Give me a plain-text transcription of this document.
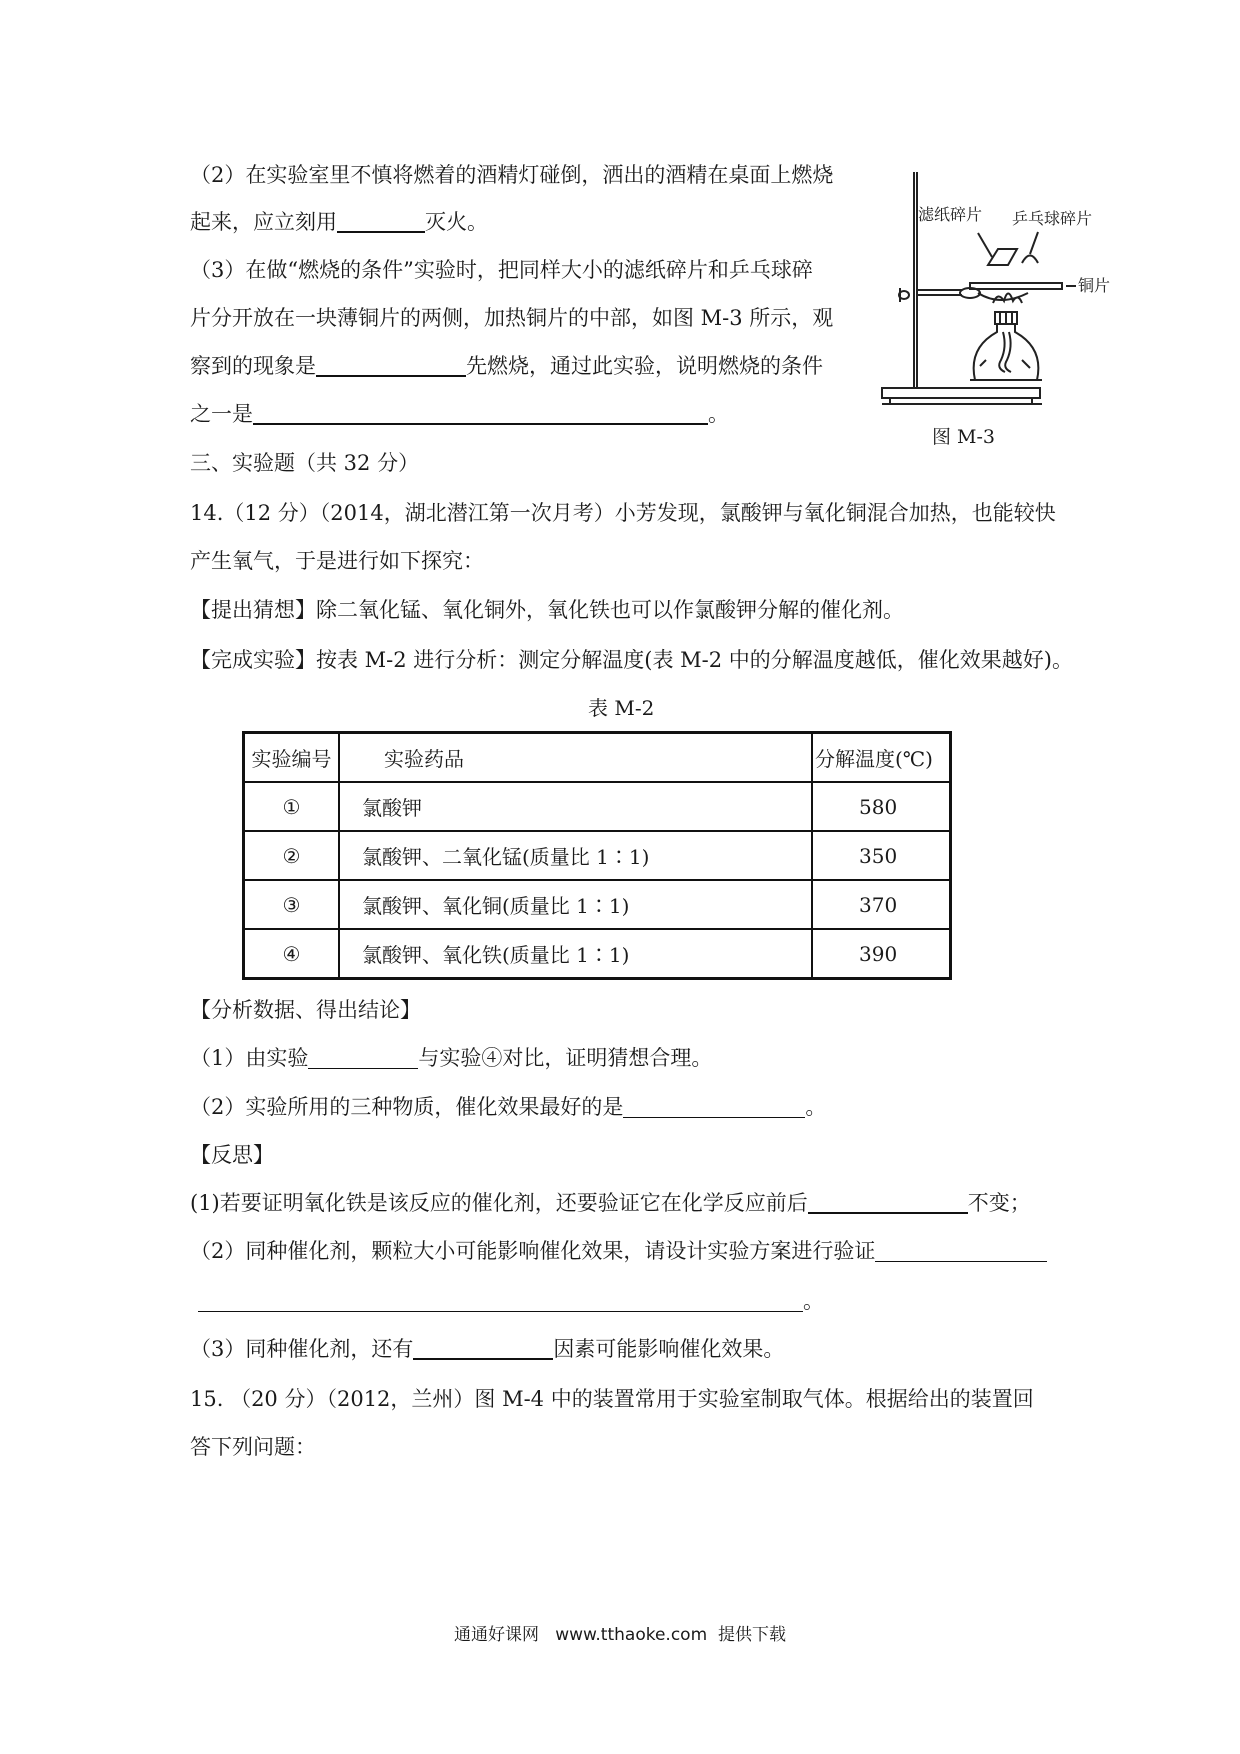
（2）在实验室里不慎将燃着的酒精灯碰倒，洒出的酒精在桌面上燃烧
起来，应立刻用	灭火。
（3）在做“燃烧的条件”实验时，把同样大小的滤纸碎片和乒乓球碎
片分开放在一块薄铜片的两侧，加热铜片的中部，如图 M-3 所示，观
察到的现象是	先燃烧，通过此实验，说明燃烧的条件
之一是	。
滤纸碎片 乒乓球碎片
铜片
图 M-3
三、实验题（共 32 分）
14.（12 分）（2014，湖北潜江第一次月考）小芳发现，氯酸钾与氧化铜混合加热，也能较快
产生氧气，于是进行如下探究：
【提出猜想】除二氧化锰、氧化铜外，氧化铁也可以作氯酸钾分解的催化剂。
【完成实验】按表 M-2 进行分析：测定分解温度(表 M-2 中的分解温度越低，催化效果越好)。
表 M-2
实验编号	实验药品	分解温度(℃)
①	氯酸钾	580
②	氯酸钾、二氧化锰(质量比 1∶1)	350
③	氯酸钾、氧化铜(质量比 1∶1)	370
④	氯酸钾、氧化铁(质量比 1∶1)	390
【分析数据、得出结论】
（1）由实验	与实验④对比，证明猜想合理。
（2）实验所用的三种物质，催化效果最好的是	。
【反思】
(1)若要证明氧化铁是该反应的催化剂，还要验证它在化学反应前后	不变；
（2）同种催化剂，颗粒大小可能影响催化效果，请设计实验方案进行验证
。
（3）同种催化剂，还有	因素可能影响催化效果。
15. （20 分）（2012，兰州）图 M-4 中的装置常用于实验室制取气体。根据给出的装置回
答下列问题：
通通好课网   www.tthaoke.com  提供下载
